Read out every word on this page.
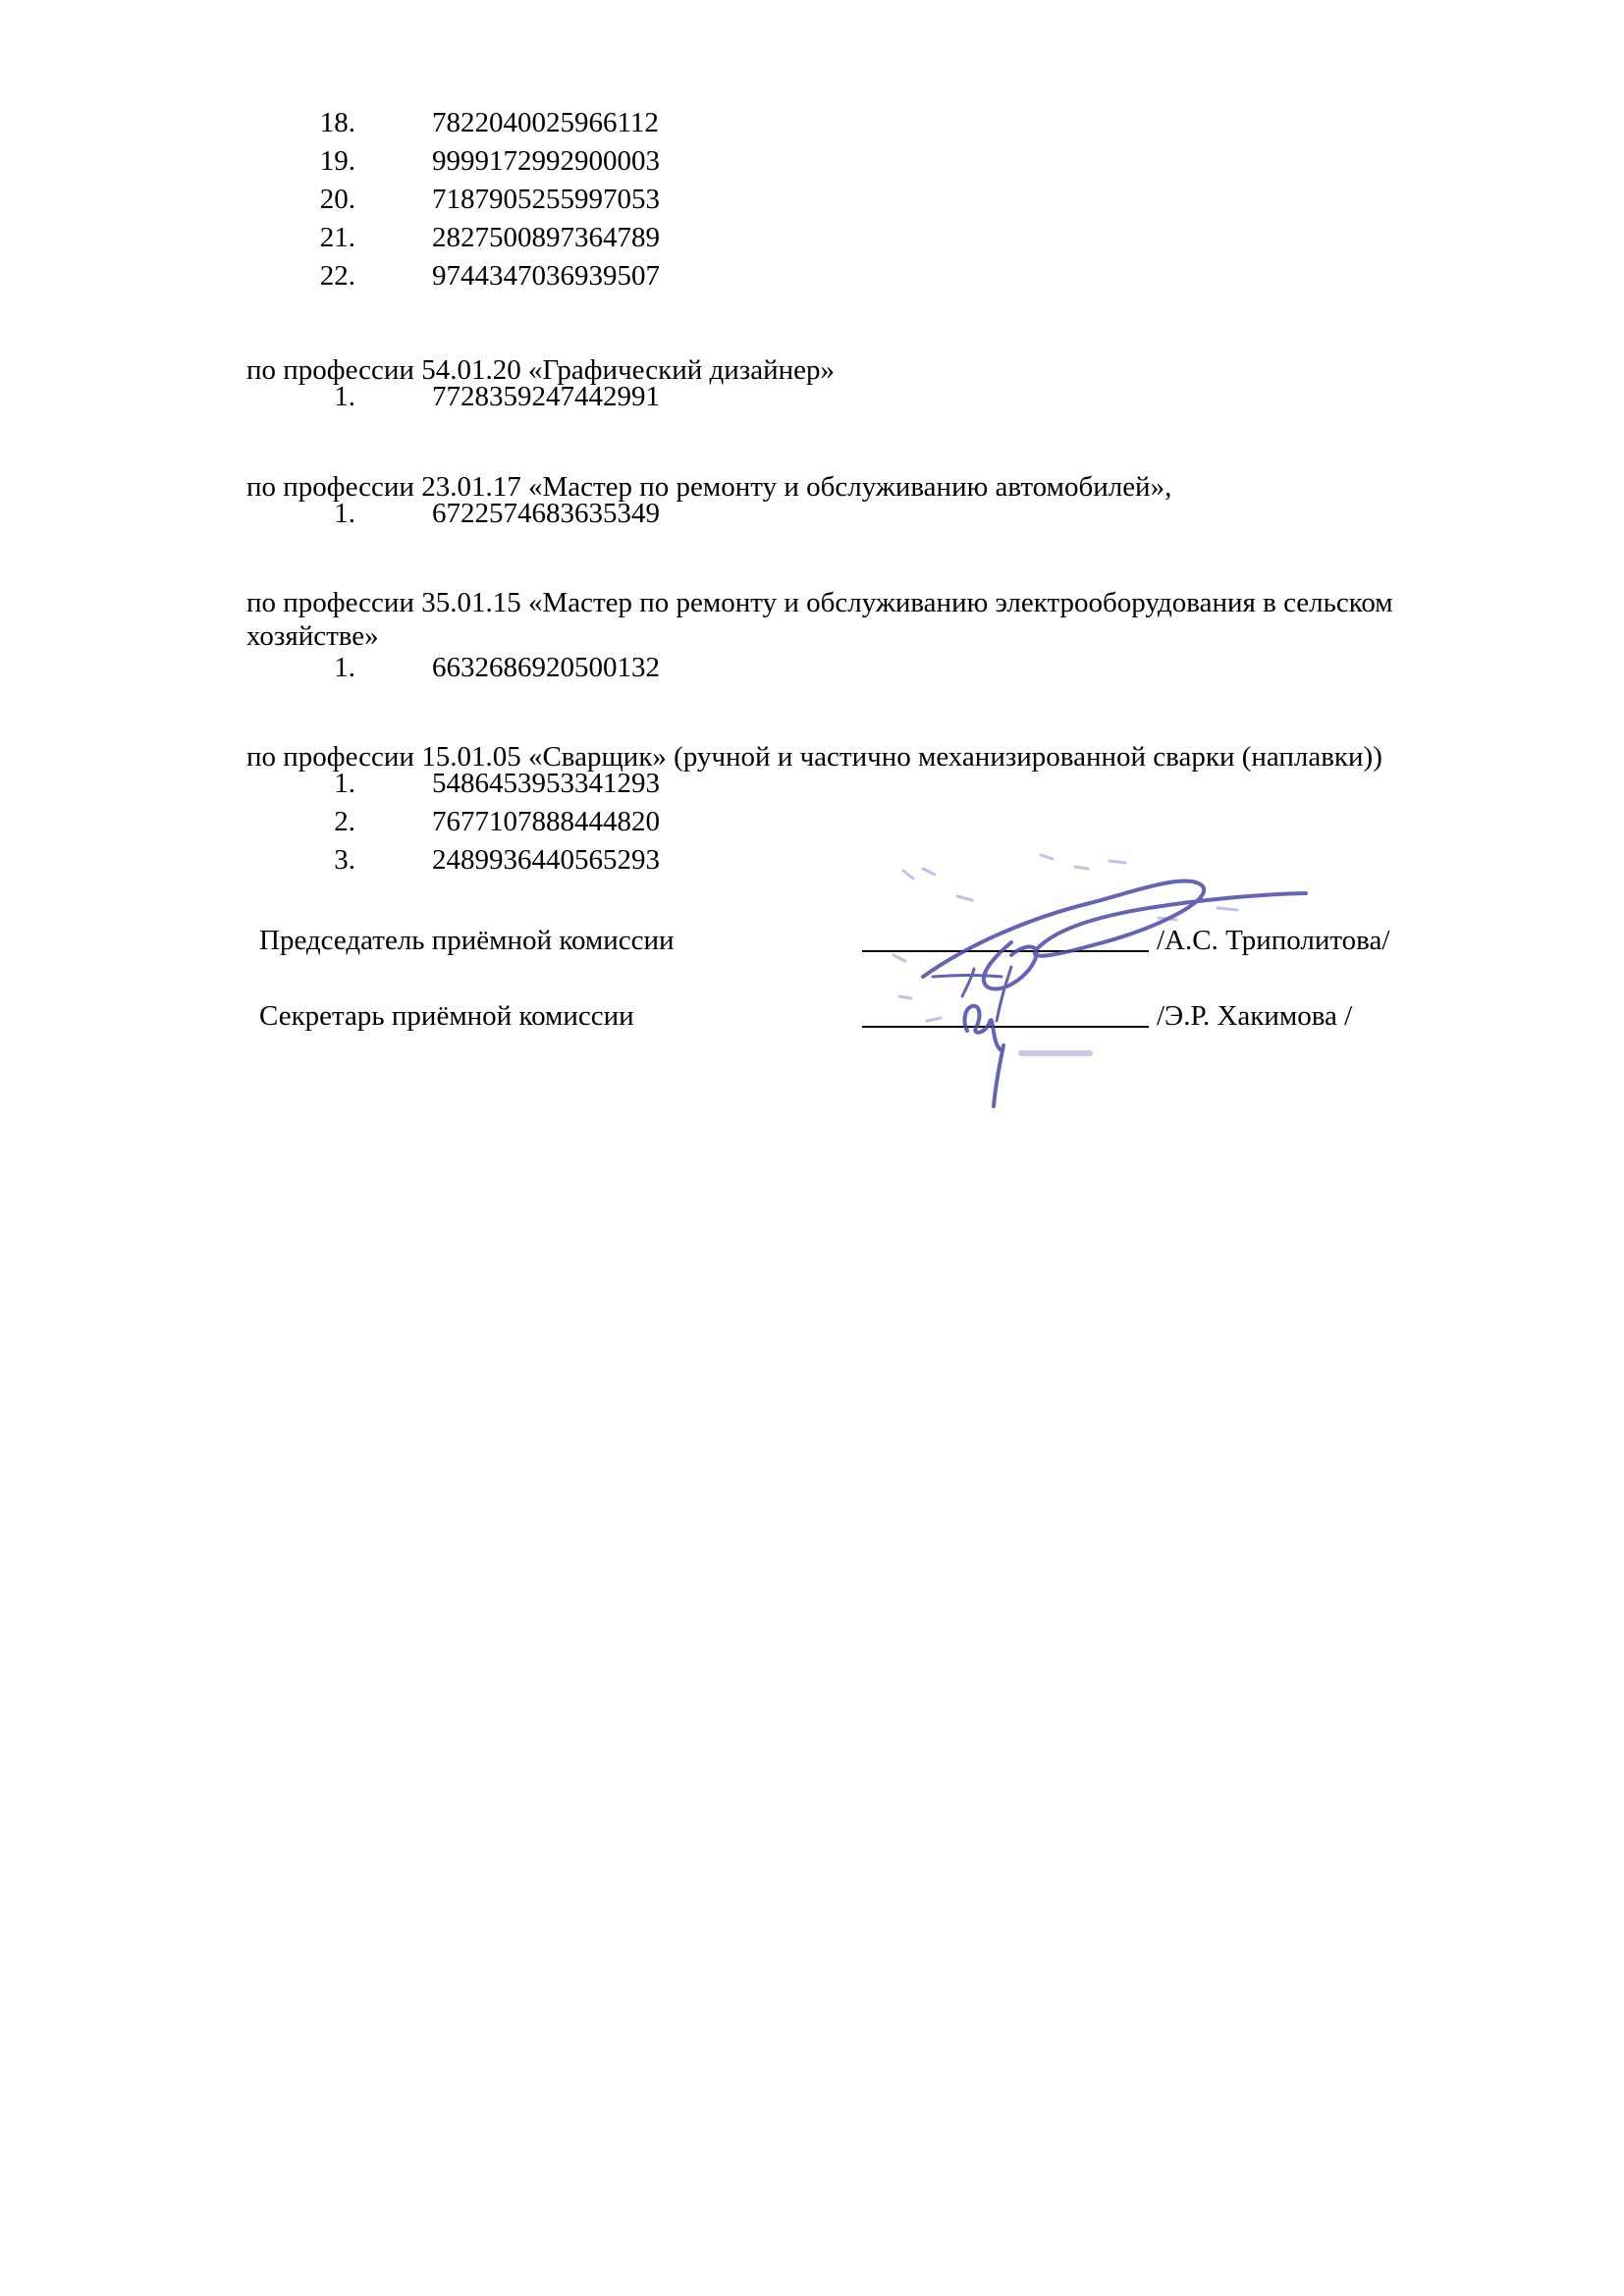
18.	7822040025966112
19.	9999172992900003
20.	7187905255997053
21.	2827500897364789
22.	9744347036939507
по профессии 54.01.20 «Графический дизайнер»
1.	7728359247442991
по профессии 23.01.17 «Мастер по ремонту и обслуживанию автомобилей»,
1.	6722574683635349
по профессии 35.01.15 «Мастер по ремонту и обслуживанию электрооборудования в сельском хозяйстве»
1.	6632686920500132
по профессии 15.01.05 «Сварщик» (ручной и частично механизированной сварки (наплавки))
1.	5486453953341293
2.	7677107888444820
3.	2489936440565293
Председатель приёмной комиссии	/А.С. Триполитова/
Секретарь приёмной комиссии	/Э.Р. Хакимова /
